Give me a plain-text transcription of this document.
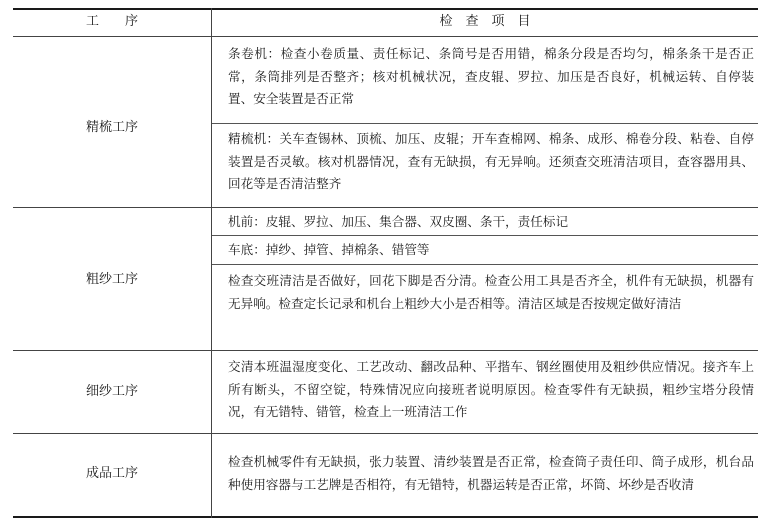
工　　序	检　查　项　目
精梳工序
条卷机：检查小卷质量、责任标记、条筒号是否用错，棉条分段是否均匀，棉条条干是否正常，条筒排列是否整齐；核对机械状况，查皮辊、罗拉、加压是否良好，机械运转、自停装置、安全装置是否正常
精梳机：关车查锡林、顶梳、加压、皮辊；开车查棉网、棉条、成形、棉卷分段、粘卷、自停装置是否灵敏。核对机器情况，查有无缺损，有无异响。还须查交班清洁项目，查容器用具、回花等是否清洁整齐
粗纱工序
机前：皮辊、罗拉、加压、集合器、双皮圈、条干，责任标记
车底：掉纱、掉管、掉棉条、错管等
检查交班清洁是否做好，回花下脚是否分清。检查公用工具是否齐全，机件有无缺损，机器有无异响。检查定长记录和机台上粗纱大小是否相等。清洁区域是否按规定做好清洁
细纱工序
交清本班温湿度变化、工艺改动、翻改品种、平揩车、钢丝圈使用及粗纱供应情况。接齐车上所有断头，不留空锭，特殊情况应向接班者说明原因。检查零件有无缺损，粗纱宝塔分段情况，有无错特、错管，检查上一班清洁工作
成品工序
检查机械零件有无缺损，张力装置、清纱装置是否正常，检查筒子责任印、筒子成形，机台品种使用容器与工艺牌是否相符，有无错特，机器运转是否正常，坏筒、坏纱是否收清
